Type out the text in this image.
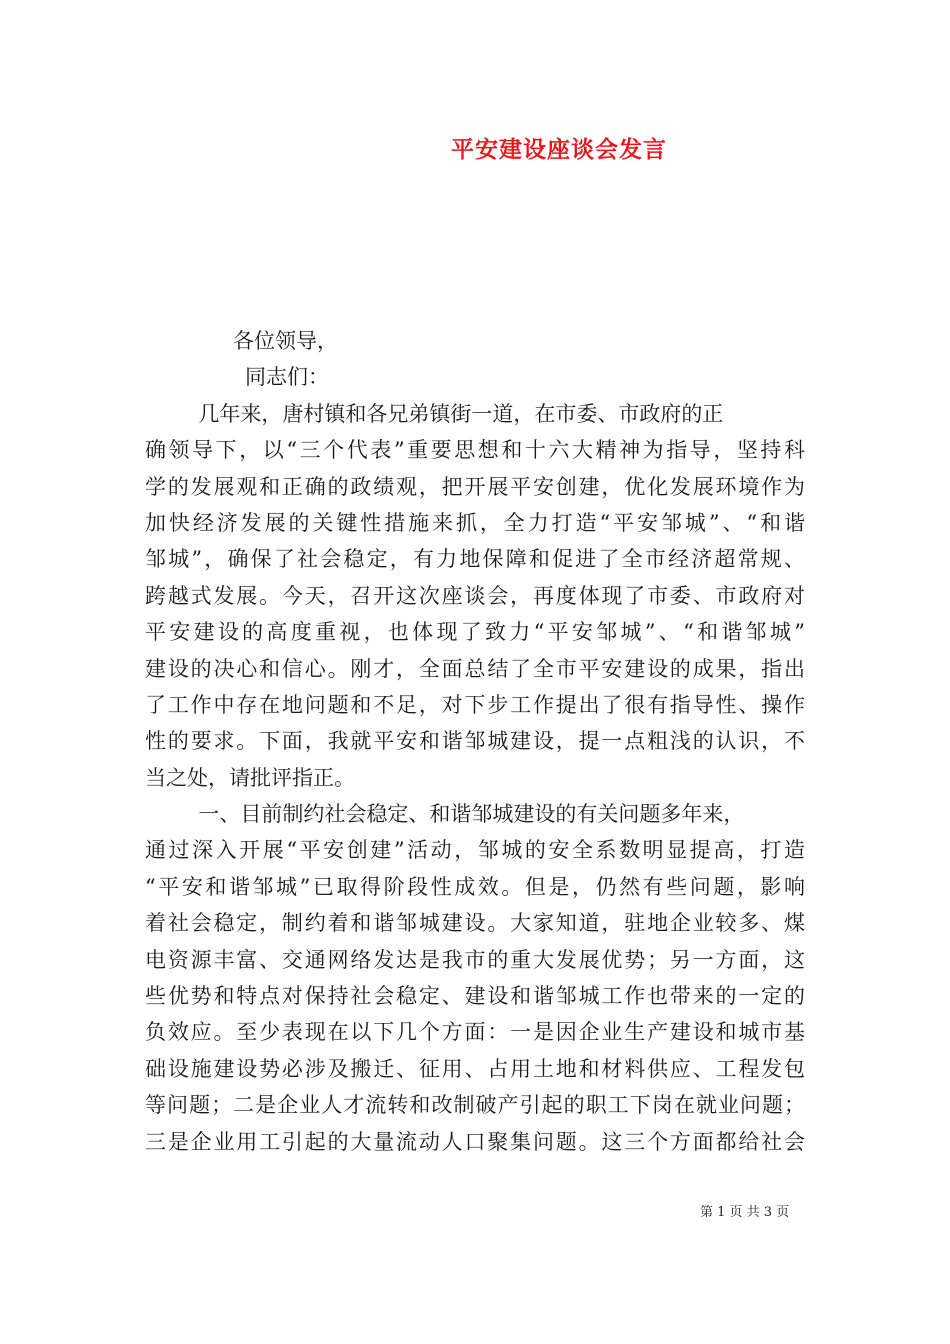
平安建设座谈会发言
各位领导，
同志们：
几年来，唐村镇和各兄弟镇街一道，在市委、市政府的正
确领导下，以“三个代表”重要思想和十六大精神为指导，坚持科
学的发展观和正确的政绩观，把开展平安创建，优化发展环境作为
加快经济发展的关键性措施来抓，全力打造“平安邹城”、“和谐
邹城”，确保了社会稳定，有力地保障和促进了全市经济超常规、
跨越式发展。今天，召开这次座谈会，再度体现了市委、市政府对
平安建设的高度重视，也体现了致力“平安邹城”、“和谐邹城”
建设的决心和信心。刚才，全面总结了全市平安建设的成果，指出
了工作中存在地问题和不足，对下步工作提出了很有指导性、操作
性的要求。下面，我就平安和谐邹城建设，提一点粗浅的认识，不
当之处，请批评指正。
一、目前制约社会稳定、和谐邹城建设的有关问题多年来，
通过深入开展“平安创建”活动，邹城的安全系数明显提高，打造
“平安和谐邹城”已取得阶段性成效。但是，仍然有些问题，影响
着社会稳定，制约着和谐邹城建设。大家知道，驻地企业较多、煤
电资源丰富、交通网络发达是我市的重大发展优势；另一方面，这
些优势和特点对保持社会稳定、建设和谐邹城工作也带来的一定的
负效应。至少表现在以下几个方面：一是因企业生产建设和城市基
础设施建设势必涉及搬迁、征用、占用土地和材料供应、工程发包
等问题；二是企业人才流转和改制破产引起的职工下岗在就业问题；
三是企业用工引起的大量流动人口聚集问题。这三个方面都给社会
第 1 页 共 3 页
